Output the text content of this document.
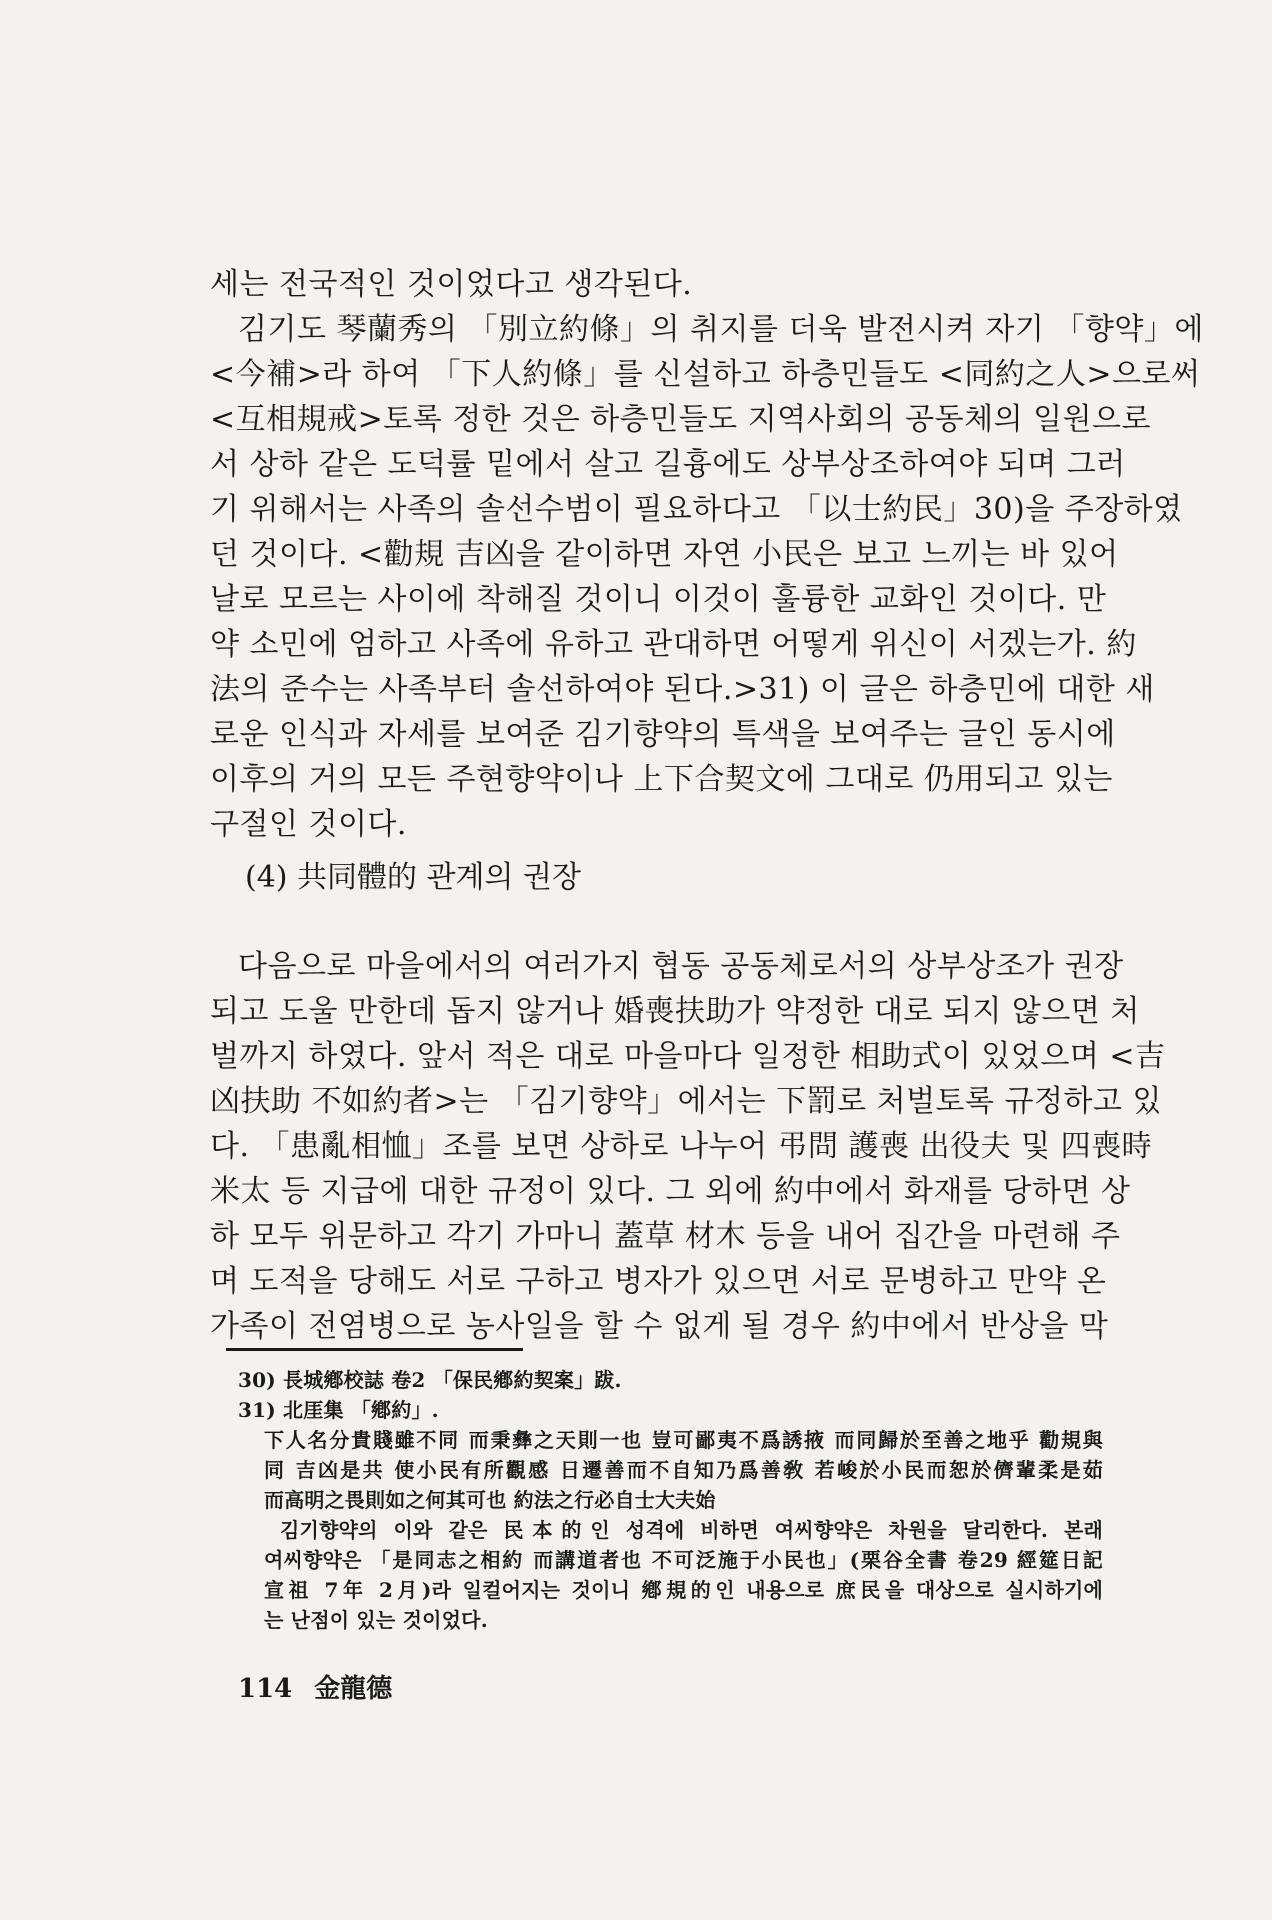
세는 전국적인 것이었다고 생각된다.
김기도 琴蘭秀의 「別立約條」의 취지를 더욱 발전시켜 자기 「향약」에
<今補>라 하여 「下人約條」를 신설하고 하층민들도 <同約之人>으로써
<互相規戒>토록 정한 것은 하층민들도 지역사회의 공동체의 일원으로
서 상하 같은 도덕률 밑에서 살고 길흉에도 상부상조하여야 되며 그러
기 위해서는 사족의 솔선수범이 필요하다고 「以士約民」30)을 주장하였
던 것이다. <勸規 吉凶을 같이하면 자연 小民은 보고 느끼는 바 있어
날로 모르는 사이에 착해질 것이니 이것이 훌륭한 교화인 것이다. 만
약 소민에 엄하고 사족에 유하고 관대하면 어떻게 위신이 서겠는가. 約
法의 준수는 사족부터 솔선하여야 된다.>31) 이 글은 하층민에 대한 새
로운 인식과 자세를 보여준 김기향약의 특색을 보여주는 글인 동시에
이후의 거의 모든 주현향약이나 上下合契文에 그대로 仍用되고 있는
구절인 것이다.
(4) 共同體的 관계의 권장
다음으로 마을에서의 여러가지 협동 공동체로서의 상부상조가 권장
되고 도울 만한데 돕지 않거나 婚喪扶助가 약정한 대로 되지 않으면 처
벌까지 하였다. 앞서 적은 대로 마을마다 일정한 相助式이 있었으며 <吉
凶扶助 不如約者>는 「김기향약」에서는 下罰로 처벌토록 규정하고 있
다. 「患亂相恤」조를 보면 상하로 나누어 弔問 護喪 出役夫 및 四喪時
米太 등 지급에 대한 규정이 있다. 그 외에 約中에서 화재를 당하면 상
하 모두 위문하고 각기 가마니 蓋草 材木 등을 내어 집간을 마련해 주
며 도적을 당해도 서로 구하고 병자가 있으면 서로 문병하고 만약 온
가족이 전염병으로 농사일을 할 수 없게 될 경우 約中에서 반상을 막
30) 長城鄕校誌 卷2 「保民鄕約契案」跋.
31) 北厓集 「鄕約」.
下人名分貴賤雖不同 而秉彝之天則一也 豈可鄙夷不爲誘掖 而同歸於至善之地乎 勸規與
同 吉凶是共 使小民有所觀感 日遷善而不自知乃爲善敎 若峻於小民而恕於儕輩柔是茹
而高明之畏則如之何其可也 約法之行必自士大夫始
김기향약의 이와 같은 民本的인 성격에 비하면 여씨향약은 차원을 달리한다. 본래
여씨향약은 「是同志之相約 而講道者也 不可泛施于小民也」(栗谷全書 卷29 經筵日記
宣祖 7年 2月)라 일컬어지는 것이니 鄕規的인 내용으로 庶民을 대상으로 실시하기에
는 난점이 있는 것이었다.
114 金龍德
